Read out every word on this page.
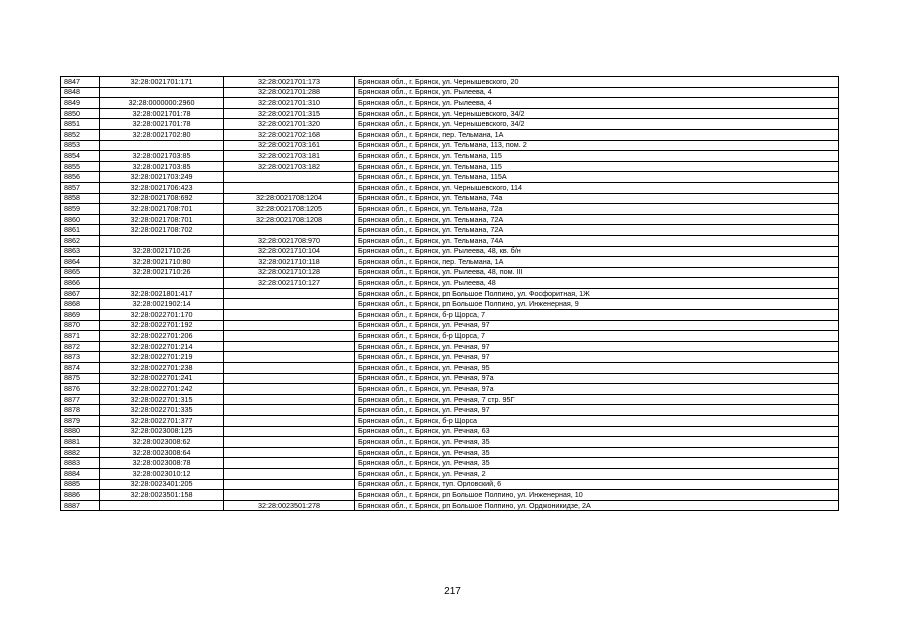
8847	32:28:0021701:171	32:28:0021701:173	Брянская обл., г. Брянск, ул. Чернышевского, 20
8848		32:28:0021701:288	Брянская обл., г. Брянск, ул. Рылеева, 4
8849	32:28:0000000:2960	32:28:0021701:310	Брянская обл., г. Брянск, ул. Рылеева, 4
8850	32:28:0021701:78	32:28:0021701:315	Брянская обл., г. Брянск, ул. Чернышевского, 34/2
8851	32:28:0021701:78	32:28:0021701:320	Брянская обл., г. Брянск, ул. Чернышевского, 34/2
8852	32:28:0021702:80	32:28:0021702:168	Брянская обл., г. Брянск, пер. Тельмана, 1А
8853		32:28:0021703:161	Брянская обл., г. Брянск, ул. Тельмана, 113, пом. 2
8854	32:28:0021703:85	32:28:0021703:181	Брянская обл., г. Брянск, ул. Тельмана, 115
8855	32:28:0021703:85	32:28:0021703:182	Брянская обл., г. Брянск, ул. Тельмана, 115
8856	32:28:0021703:249		Брянская обл., г. Брянск, ул. Тельмана, 115А
8857	32:28:0021706:423		Брянская обл., г. Брянск, ул. Чернышевского, 114
8858	32:28:0021708:692	32:28:0021708:1204	Брянская обл., г. Брянск, ул. Тельмана, 74а
8859	32:28:0021708:701	32:28:0021708:1205	Брянская обл., г. Брянск, ул. Тельмана, 72а
8860	32:28:0021708:701	32:28:0021708:1208	Брянская обл., г. Брянск, ул. Тельмана, 72А
8861	32:28:0021708:702		Брянская обл., г. Брянск, ул. Тельмана, 72А
8862		32:28:0021708:970	Брянская обл., г. Брянск, ул. Тельмана, 74А
8863	32:28:0021710:26	32:28:0021710:104	Брянская обл., г. Брянск, ул. Рылеева, 48, кв. б/н
8864	32:28:0021710:80	32:28:0021710:118	Брянская обл., г. Брянск, пер. Тельмана, 1А
8865	32:28:0021710:26	32:28:0021710:128	Брянская обл., г. Брянск, ул. Рылеева, 48, пом. III
8866		32:28:0021710:127	Брянская обл., г. Брянск, ул. Рылеева, 48
8867	32:28:0021801:417		Брянская обл., г. Брянск, рп Большое Полпино, ул. Фосфоритная, 1Ж
8868	32:28:0021902:14		Брянская обл., г. Брянск, рп Большое Полпино, ул. Инженерная, 9
8869	32:28:0022701:170		Брянская обл., г. Брянск, б-р Щорса, 7
8870	32:28:0022701:192		Брянская обл., г. Брянск, ул. Речная, 97
8871	32:28:0022701:206		Брянская обл., г. Брянск, б-р Щорса, 7
8872	32:28:0022701:214		Брянская обл., г. Брянск, ул. Речная, 97
8873	32:28:0022701:219		Брянская обл., г. Брянск, ул. Речная, 97
8874	32:28:0022701:238		Брянская обл., г. Брянск, ул. Речная, 95
8875	32:28:0022701:241		Брянская обл., г. Брянск, ул. Речная, 97а
8876	32:28:0022701:242		Брянская обл., г. Брянск, ул. Речная, 97а
8877	32:28:0022701:315		Брянская обл., г. Брянск, ул. Речная, 7 стр. 95Г
8878	32:28:0022701:335		Брянская обл., г. Брянск, ул. Речная, 97
8879	32:28:0022701:377		Брянская обл., г. Брянск, б-р Щорса
8880	32:28:0023008:125		Брянская обл., г. Брянск, ул. Речная, 63
8881	32:28:0023008:62		Брянская обл., г. Брянск, ул. Речная, 35
8882	32:28:0023008:64		Брянская обл., г. Брянск, ул. Речная, 35
8883	32:28:0023008:78		Брянская обл., г. Брянск, ул. Речная, 35
8884	32:28:0023010:12		Брянская обл., г. Брянск, ул. Речная, 2
8885	32:28:0023401:205		Брянская обл., г. Брянск, туп. Орловский, 6
8886	32:28:0023501:158		Брянская обл., г. Брянск, рп Большое Полпино, ул. Инженерная, 10
8887		32:28:0023501:278	Брянская обл., г. Брянск, рп Большое Полпино, ул. Орджоникидзе, 2А
217
